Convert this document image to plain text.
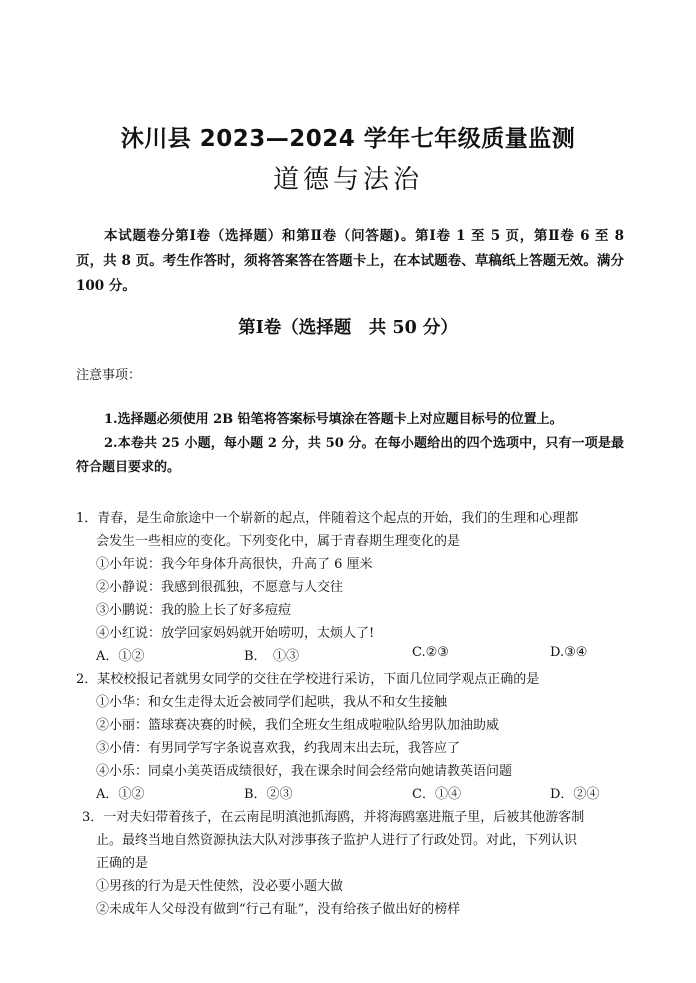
沐川县 2023—2024 学年七年级质量监测
道德与法治
本试题卷分第Ⅰ卷（选择题）和第Ⅱ卷（问答题)。第Ⅰ卷 1 至 5 页，第Ⅱ卷 6 至 8 页，共 8 页。考生作答时，须将答案答在答题卡上，在本试题卷、草稿纸上答题无效。满分 100 分。
第Ⅰ卷（选择题　共 50 分）
注意事项：

1.选择题必须使用 2B 铅笔将答案标号填涂在答题卡上对应题目标号的位置上。

2.本卷共 25 小题，每小题 2 分，共 50 分。在每小题给出的四个选项中，只有一项是最符合题目要求的。

1．青春，是生命旅途中一个崭新的起点，伴随着这个起点的开始，我们的生理和心理都
会发生一些相应的变化。下列变化中，属于青春期生理变化的是
①小年说：我今年身体升高很快，升高了 6 厘米
②小静说：我感到很孤独，不愿意与人交往
③小鹏说：我的脸上长了好多痘痘
④小红说：放学回家妈妈就开始唠叨，太烦人了!
A．①②	B．　①③	C.②③	D.③④
2．某校校报记者就男女同学的交往在学校进行采访，下面几位同学观点正确的是
①小华：和女生走得太近会被同学们起哄，我从不和女生接触
②小丽：篮球赛决赛的时候，我们全班女生组成啦啦队给男队加油助威
③小倩：有男同学写字条说喜欢我，约我周末出去玩，我答应了
④小乐：同桌小美英语成绩很好，我在课余时间会经常向她请教英语问题
A．①②	B．②③	C．①④	D．②④
3．一对夫妇带着孩子，在云南昆明滇池抓海鸥，并将海鸥塞进瓶子里，后被其他游客制
止。最终当地自然资源执法大队对涉事孩子监护人进行了行政处罚。对此，下列认识
正确的是
①男孩的行为是天性使然，没必要小题大做
②未成年人父母没有做到“行己有耻”，没有给孩子做出好的榜样
